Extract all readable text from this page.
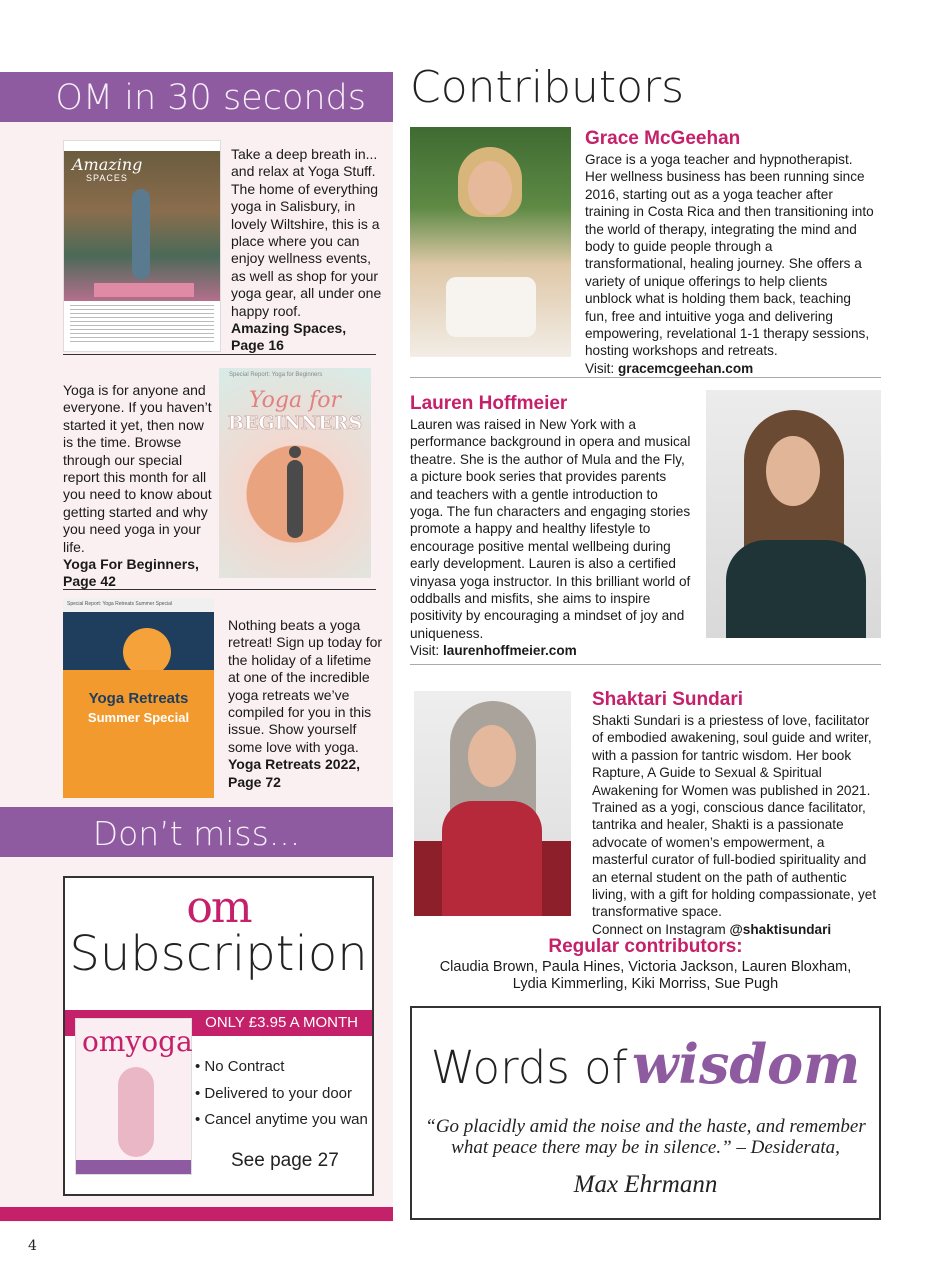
OM in 30 seconds
Amazing
SPACES
Take a deep breath in... and relax at Yoga Stuff. The home of everything yoga in Salisbury, in lovely Wiltshire, this is a place where you can enjoy wellness events, as well as shop for your yoga gear, all under one happy roof.
Amazing Spaces,
Page 16
Yoga is for anyone and everyone. If you haven’t started it yet, then now is the time. Browse through our special report this month for all you need to know about getting started and why you need yoga in your life.
Yoga For Beginners,
Page 42
Special Report: Yoga for Beginners
Yoga for
BEGINNERS
Special Report: Yoga Retreats Summer Special
Yoga Retreats
Summer Special
Nothing beats a yoga retreat! Sign up today for the holiday of a lifetime at one of the incredible yoga retreats we’ve compiled for you in this issue. Show yourself some love with yoga.
Yoga Retreats 2022,
Page 72
Don’t miss...
om
Subscription
ONLY £3.95 A MONTH
omyoga
• No Contract
• Delivered to your door
• Cancel anytime you wan
See page 27
4
Contributors
Grace McGeehan
Grace is a yoga teacher and hypnotherapist. Her wellness business has been running since 2016, starting out as a yoga teacher after training in Costa Rica and then transitioning into the world of therapy, integrating the mind and body to guide people through a transformational, healing journey. She offers a variety of unique offerings to help clients unblock what is holding them back, teaching fun, free and intuitive yoga and delivering empowering, revelational 1-1 therapy sessions, hosting workshops and retreats.
Visit: gracemcgeehan.com
Lauren Hoffmeier
Lauren was raised in New York with a performance background in opera and musical theatre. She is the author of Mula and the Fly, a picture book series that provides parents and teachers with a gentle introduction to yoga. The fun characters and engaging stories promote a happy and healthy lifestyle to encourage positive mental wellbeing during early development. Lauren is also a certified vinyasa yoga instructor. In this brilliant world of oddballs and misfits, she aims to inspire positivity by encouraging a mindset of joy and uniqueness.
Visit: laurenhoffmeier.com
Shaktari Sundari
Shakti Sundari is a priestess of love, facilitator of embodied awakening, soul guide and writer, with a passion for tantric wisdom. Her book Rapture, A Guide to Sexual & Spiritual Awakening for Women was published in 2021. Trained as a yogi, conscious dance facilitator, tantrika and healer, Shakti is a passionate advocate of women’s empowerment, a masterful curator of full-bodied spirituality and an eternal student on the path of authentic living, with a gift for holding compassionate, yet transformative space.
Connect on Instagram @shaktisundari
Regular contributors:
Claudia Brown, Paula Hines, Victoria Jackson, Lauren Bloxham,
Lydia Kimmerling, Kiki Morriss, Sue Pugh
Words of wisdom
“Go placidly amid the noise and the haste, and remember
what peace there may be in silence.” – Desiderata,
Max Ehrmann
